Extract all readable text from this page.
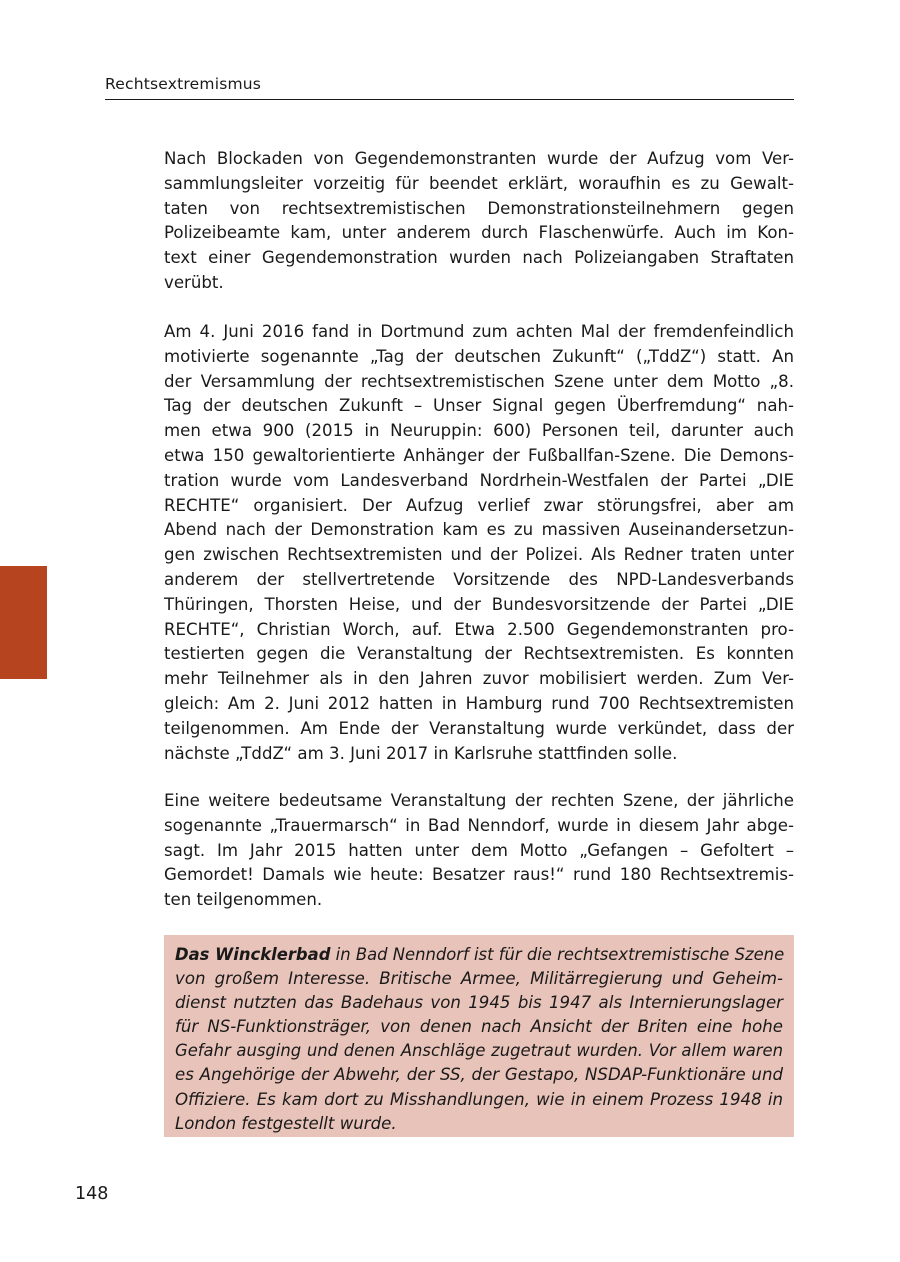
Rechtsextremismus
Nach Blockaden von Gegendemonstranten wurde der Aufzug vom Ver-
sammlungsleiter vorzeitig für beendet erklärt, woraufhin es zu Gewalt-
taten von rechtsextremistischen Demonstrationsteilnehmern gegen
Polizeibeamte kam, unter anderem durch Flaschenwürfe. Auch im Kon-
text einer Gegendemonstration wurden nach Polizeiangaben Straftaten
verübt.
Am 4. Juni 2016 fand in Dortmund zum achten Mal der fremdenfeindlich
motivierte sogenannte „Tag der deutschen Zukunft“ („TddZ“) statt. An
der Versammlung der rechtsextremistischen Szene unter dem Motto „8.
Tag der deutschen Zukunft – Unser Signal gegen Überfremdung“ nah-
men etwa 900 (2015 in Neuruppin: 600) Personen teil, darunter auch
etwa 150 gewaltorientierte Anhänger der Fußballfan-Szene. Die Demons-
tration wurde vom Landesverband Nordrhein-Westfalen der Partei „DIE
RECHTE“ organisiert. Der Aufzug verlief zwar störungsfrei, aber am
Abend nach der Demonstration kam es zu massiven Auseinandersetzun-
gen zwischen Rechtsextremisten und der Polizei. Als Redner traten unter
anderem der stellvertretende Vorsitzende des NPD-Landesverbands
Thüringen, Thorsten Heise, und der Bundesvorsitzende der Partei „DIE
RECHTE“, Christian Worch, auf. Etwa 2.500 Gegendemonstranten pro-
testierten gegen die Veranstaltung der Rechtsextremisten. Es konnten
mehr Teilnehmer als in den Jahren zuvor mobilisiert werden. Zum Ver-
gleich: Am 2. Juni 2012 hatten in Hamburg rund 700 Rechtsextremisten
teilgenommen. Am Ende der Veranstaltung wurde verkündet, dass der
nächste „TddZ“ am 3. Juni 2017 in Karlsruhe stattfinden solle.
Eine weitere bedeutsame Veranstaltung der rechten Szene, der jährliche
sogenannte „Trauermarsch“ in Bad Nenndorf, wurde in diesem Jahr abge-
sagt. Im Jahr 2015 hatten unter dem Motto „Gefangen – Gefoltert –
Gemordet! Damals wie heute: Besatzer raus!“ rund 180 Rechtsextremis-
ten teilgenommen.
Das Wincklerbad in Bad Nenndorf ist für die rechtsextremistische Szene
von großem Interesse. Britische Armee, Militärregierung und Geheim-
dienst nutzten das Badehaus von 1945 bis 1947 als Internierungslager
für NS-Funktionsträger, von denen nach Ansicht der Briten eine hohe
Gefahr ausging und denen Anschläge zugetraut wurden. Vor allem waren
es Angehörige der Abwehr, der SS, der Gestapo, NSDAP-Funktionäre und
Offiziere. Es kam dort zu Misshandlungen, wie in einem Prozess 1948 in
London festgestellt wurde.
148
